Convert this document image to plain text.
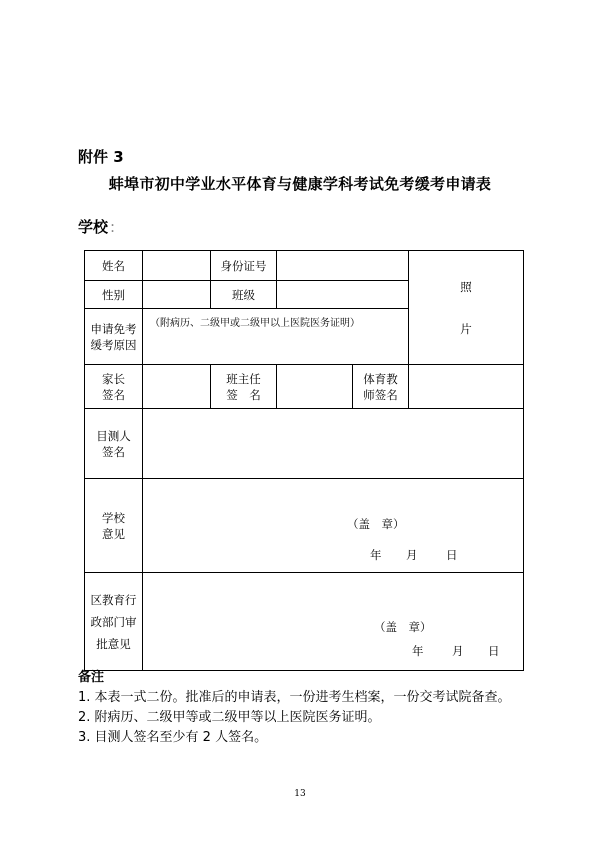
附件 3
蚌埠市初中学业水平体育与健康学科考试免考缓考申请表
学校 :
姓名	身份证号
性别	班级
照
片
申请免考
缓考原因
（附病历、二级甲或二级甲以上医院医务证明）
家长
签名
班主任
签　名
体育教
师签名
目测人
签名
学校
意见
（盖　章）
年 月 日
区教育行
政部门审
批意见
（盖　章）
年 月 日
备注
1. 本表一式二份。批准后的申请表，一份进考生档案，一份交考试院备查。
2. 附病历、二级甲等或二级甲等以上医院医务证明。
3. 目测人签名至少有 2 人签名。
13
